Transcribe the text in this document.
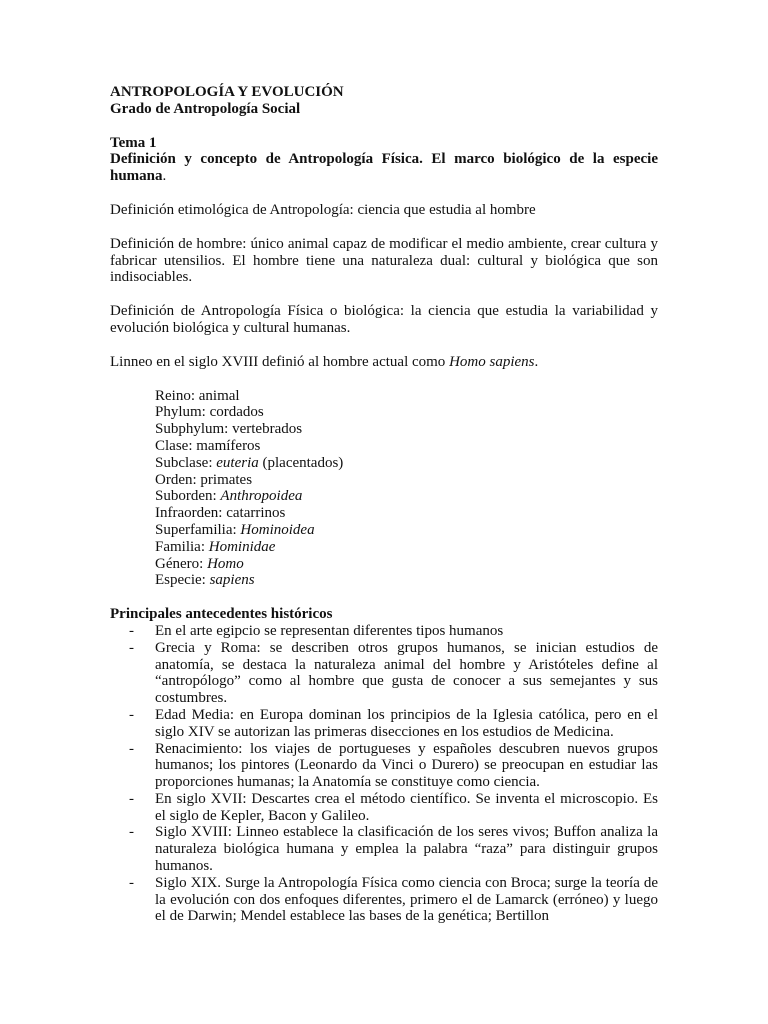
ANTROPOLOGÍA Y EVOLUCIÓN
Grado de Antropología Social
Tema 1
Definición y concepto de Antropología Física. El marco biológico de la especie humana.

Definición etimológica de Antropología: ciencia que estudia al hombre

Definición de hombre: único animal capaz de modificar el medio ambiente, crear cultura y fabricar utensilios. El hombre tiene una naturaleza dual: cultural y biológica que son indisociables.

Definición de Antropología Física o biológica: la ciencia que estudia la variabilidad y evolución biológica y cultural humanas.

Linneo en el siglo XVIII definió al hombre actual como Homo sapiens.

Reino: animal
Phylum: cordados
Subphylum: vertebrados
Clase: mamíferos
Subclase: euteria (placentados)
Orden: primates
Suborden: Anthropoidea
Infraorden: catarrinos
Superfamilia: Hominoidea
Familia: Hominidae
Género: Homo
Especie: sapiens
Principales antecedentes históricos
- En el arte egipcio se representan diferentes tipos humanos
- Grecia y Roma: se describen otros grupos humanos, se inician estudios de anatomía, se destaca la naturaleza animal del hombre y Aristóteles define al “antropólogo” como al hombre que gusta de conocer a sus semejantes y sus costumbres.
- Edad Media: en Europa dominan los principios de la Iglesia católica, pero en el siglo XIV se autorizan las primeras disecciones en los estudios de Medicina.
- Renacimiento: los viajes de portugueses y españoles descubren nuevos grupos humanos; los pintores (Leonardo da Vinci o Durero) se preocupan en estudiar las proporciones humanas; la Anatomía se constituye como ciencia.
- En siglo XVII: Descartes crea el método científico. Se inventa el microscopio. Es el siglo de Kepler, Bacon y Galileo.
- Siglo XVIII: Linneo establece la clasificación de los seres vivos; Buffon analiza la naturaleza biológica humana y emplea la palabra “raza” para distinguir grupos humanos.
- Siglo XIX. Surge la Antropología Física como ciencia con Broca; surge la teoría de la evolución con dos enfoques diferentes, primero el de Lamarck (erróneo) y luego el de Darwin; Mendel establece las bases de la genética; Bertillon
